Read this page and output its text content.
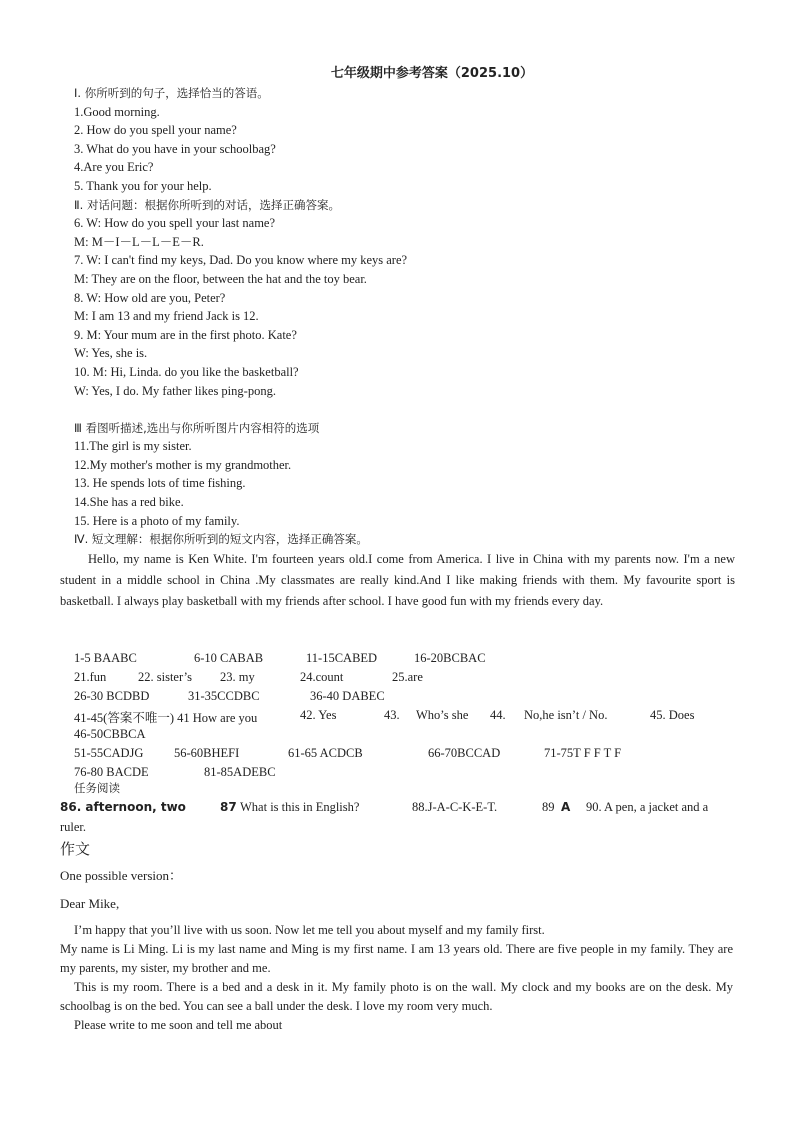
七年级期中参考答案（2025.10）
Ⅰ. 你所听到的句子，选择恰当的答语。
1.Good morning.
2. How do you spell your name?
3. What do you have in your schoolbag?
4.Are you Eric?
5. Thank you for your help.
Ⅱ. 对话问题：根据你所听到的对话，选择正确答案。
6. W: How do you spell your last name?
M: M－I－L－L－E－R.
7. W: I can't find my keys, Dad. Do you know where my keys are?
M: They are on the floor, between the hat and the toy bear.
8. W: How old are you, Peter?
M: I am 13 and my friend Jack is 12.
9. M: Your mum are in the first photo. Kate?
W: Yes, she is.
10. M: Hi, Linda. do you like the basketball?
W: Yes, I do. My father likes ping-pong.

Ⅲ 看图听描述,选出与你所听图片内容相符的选项
11.The girl is my sister.
12.My mother's mother is my grandmother.
13. He spends lots of time fishing.
14.She has a red bike.
15. Here is a photo of my family.
Ⅳ. 短文理解：根据你所听到的短文内容，选择正确答案。
Hello, my name is Ken White. I'm fourteen years old.I come from America. I live in China with my parents now. I'm a new student in a middle school in China .My classmates are really kind.And I like making friends with them. My favourite sport is basketball. I always play basketball with my friends after school. I have good fun with my friends every day.
1-5 BAABC	6-10 CABAB	11-15CABED	16-20BCBAC
21.fun	22. sister’s 23. my	24.count	25.are
26-30 BCDBD	31-35CCDBC	36-40 DABEC
41-45(答案不唯一) 41 How are you	42. Yes	43. Who’s she 44. No,he isn’t / No.	45. Does
46-50CBBCA
51-55CADJG 56-60BHEFI	61-65 ACDCB	66-70BCCAD	71-75T F F T F
76-80 BACDE	81-85ADEBC
任务阅读
86. afternoon, two	87 What is this in English?	88.J-A-C-K-E-T.	89 A 90. A pen, a jacket and a
ruler.
作文
One possible version：
Dear Mike,

I’m happy that you’ll live with us soon. Now let me tell you about myself and my family first.

My name is Li Ming. Li is my last name and Ming is my first name. I am 13 years old. There are five people in my family. They are my parents, my sister, my brother and me.

This is my room. There is a bed and a desk in it. My family photo is on the wall. My clock and my books are on the desk. My schoolbag is on the bed. You can see a ball under the desk. I love my room very much.

Please write to me soon and tell me about
